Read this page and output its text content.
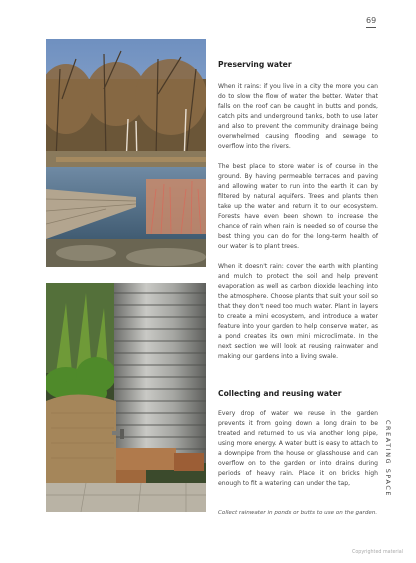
69
Preserving water

When it rains: if you live in a city the more you can do to slow the flow of water the better. Water that falls on the roof can be caught in butts and ponds, catch pits and underground tanks, both to use later and also to prevent the community drainage being overwhelmed causing flooding and sewage to overflow into the rivers.

The best place to store water is of course in the ground. By having permeable terraces and paving and allowing water to run into the earth it can by filtered by natural aquifers. Trees and plants then take up the water and return it to our ecosystem. Forests have even been shown to increase the chance of rain when rain is needed so of course the best thing you can do for the long-term health of our water is to plant trees.

When it doesn't rain: cover the earth with planting and mulch to protect the soil and help prevent evaporation as well as carbon dioxide leaching into the atmosphere. Choose plants that suit your soil so that they don't need too much water. Plant in layers to create a mini ecosystem, and introduce a water feature into your garden to help conserve water, as a pond creates its own mini microclimate. In the next section we will look at reusing rainwater and making our gardens into a living swale.

Collecting and reusing water

Every drop of water we reuse in the garden prevents it from going down a long drain to be treated and returned to us via another long pipe, using more energy. A water butt is easy to attach to a downpipe from the house or glasshouse and can overflow on to the garden or into drains during periods of heavy rain. Place it on bricks high enough to fit a watering can under the tap,

Collect rainwater in ponds or butts to use on the garden.
CREATING SPACE
Copyrighted material
